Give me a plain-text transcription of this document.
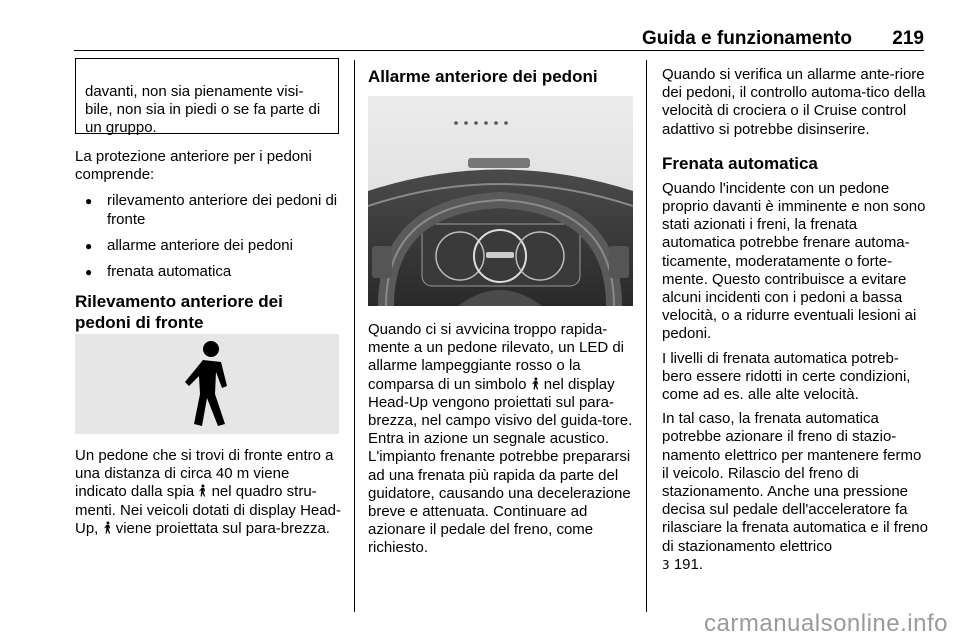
Guida e funzionamento 219

davanti, non sia pienamente visi-bile, non sia in piedi o se fa parte di un gruppo.

La protezione anteriore per i pedoni comprende:

● rilevamento anteriore dei pedoni di fronte
● allarme anteriore dei pedoni
● frenata automatica

Rilevamento anteriore dei pedoni di fronte

Un pedone che si trovi di fronte entro a una distanza di circa 40 m viene indicato dalla spia nel quadro stru-menti. Nei veicoli dotati di display Head-Up, viene proiettata sul para-brezza.

Allarme anteriore dei pedoni

Quando ci si avvicina troppo rapida-mente a un pedone rilevato, un LED di allarme lampeggiante rosso o la comparsa di un simbolo nel display Head-Up vengono proiettati sul para-brezza, nel campo visivo del guida-tore. Entra in azione un segnale acustico. L'impianto frenante potrebbe prepararsi ad una frenata più rapida da parte del guidatore, causando una decelerazione breve e attenuata. Continuare ad azionare il pedale del freno, come richiesto.

Quando si verifica un allarme ante-riore dei pedoni, il controllo automa-tico della velocità di crociera o il Cruise control adattivo si potrebbe disinserire.

Frenata automatica

Quando l'incidente con un pedone proprio davanti è imminente e non sono stati azionati i freni, la frenata automatica potrebbe frenare automa-ticamente, moderatamente o forte-mente. Questo contribuisce a evitare alcuni incidenti con i pedoni a bassa velocità, o a ridurre eventuali lesioni ai pedoni.

I livelli di frenata automatica potreb-bero essere ridotti in certe condizioni, come ad es. alle alte velocità.

In tal caso, la frenata automatica potrebbe azionare il freno di stazio-namento elettrico per mantenere fermo il veicolo. Rilascio del freno di stazionamento. Anche una pressione decisa sul pedale dell'acceleratore fa rilasciare la frenata automatica e il freno di stazionamento elettrico
3 191.

carmanualsonline.info
